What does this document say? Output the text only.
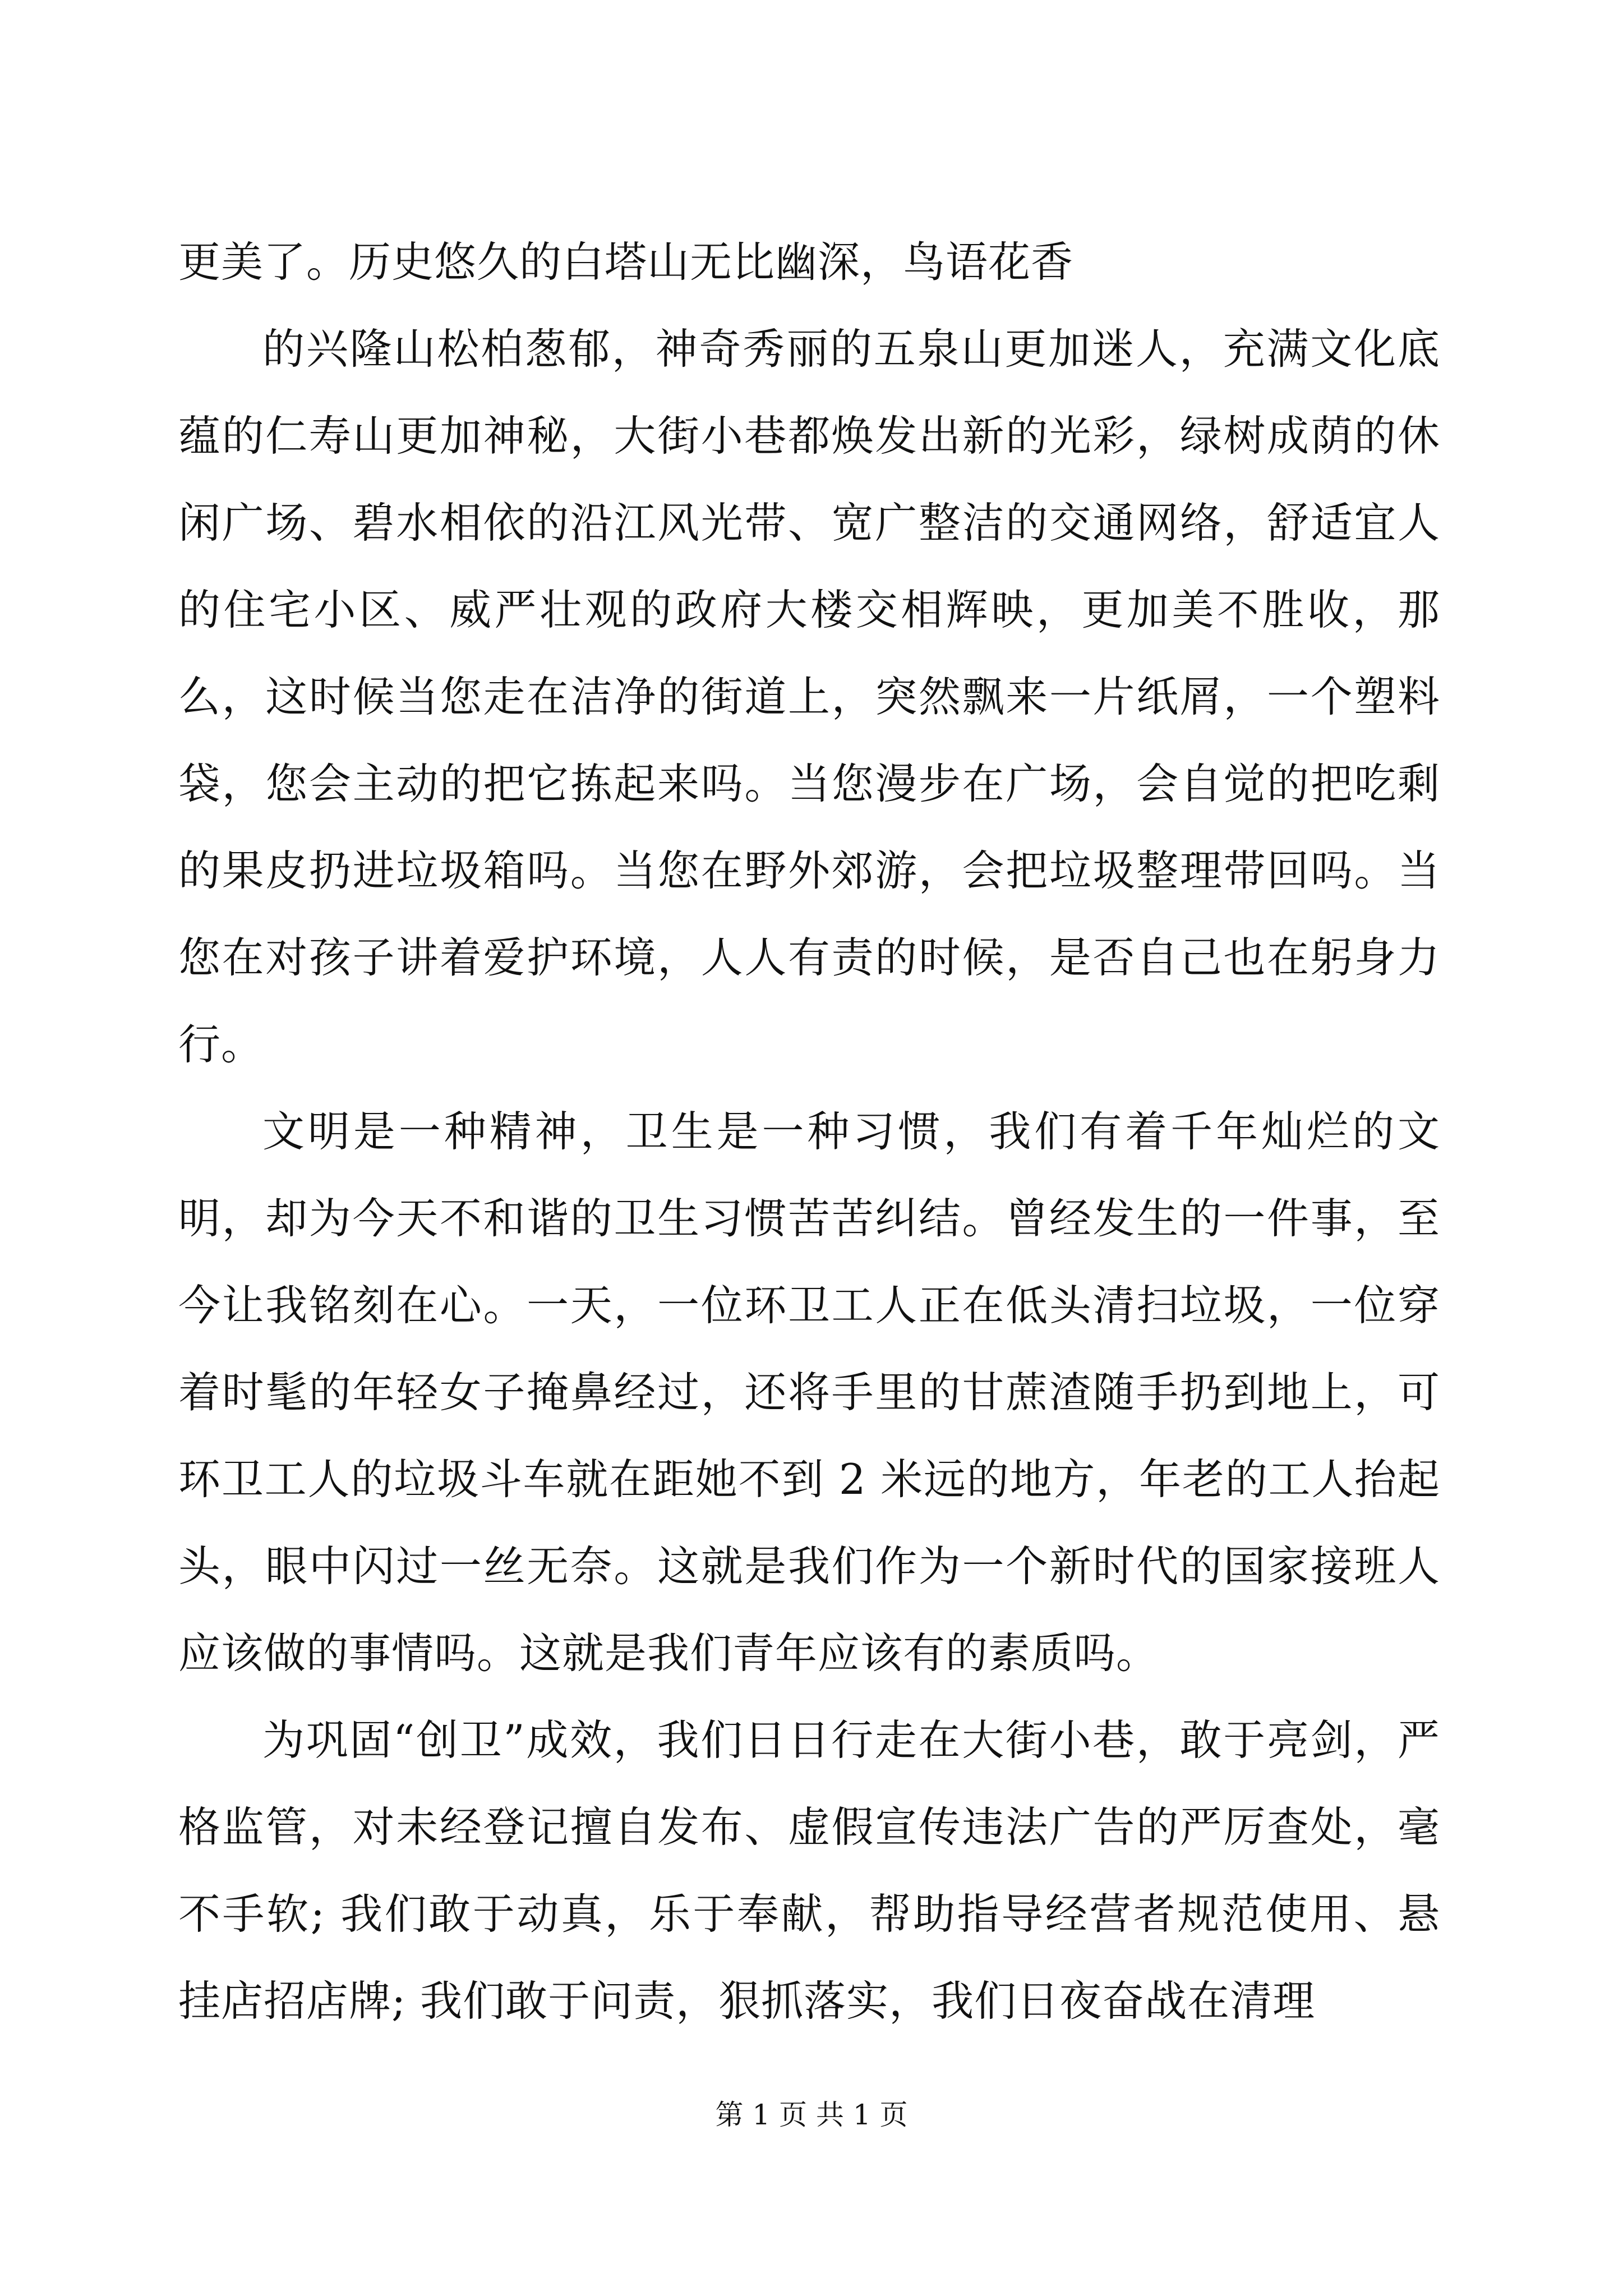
更美了。历史悠久的白塔山无比幽深，鸟语花香

的兴隆山松柏葱郁，神奇秀丽的五泉山更加迷人，充满文化底蕴的仁寿山更加神秘，大街小巷都焕发出新的光彩，绿树成荫的休闲广场、碧水相依的沿江风光带、宽广整洁的交通网络，舒适宜人的住宅小区、威严壮观的政府大楼交相辉映，更加美不胜收，那么，这时候当您走在洁净的街道上，突然飘来一片纸屑，一个塑料袋，您会主动的把它拣起来吗。当您漫步在广场，会自觉的把吃剩的果皮扔进垃圾箱吗。当您在野外郊游，会把垃圾整理带回吗。当您在对孩子讲着爱护环境，人人有责的时候，是否自己也在躬身力行。

文明是一种精神，卫生是一种习惯，我们有着千年灿烂的文明，却为今天不和谐的卫生习惯苦苦纠结。曾经发生的一件事，至今让我铭刻在心。一天，一位环卫工人正在低头清扫垃圾，一位穿着时髦的年轻女子掩鼻经过，还将手里的甘蔗渣随手扔到地上，可环卫工人的垃圾斗车就在距她不到 2 米远的地方，年老的工人抬起头，眼中闪过一丝无奈。这就是我们作为一个新时代的国家接班人应该做的事情吗。这就是我们青年应该有的素质吗。

为巩固“创卫”成效，我们日日行走在大街小巷，敢于亮剑，严格监管，对未经登记擅自发布、虚假宣传违法广告的严厉查处，毫不手软; 我们敢于动真，乐于奉献，帮助指导经营者规范使用、悬挂店招店牌; 我们敢于问责，狠抓落实，我们日夜奋战在清理

第 1 页 共 1 页
